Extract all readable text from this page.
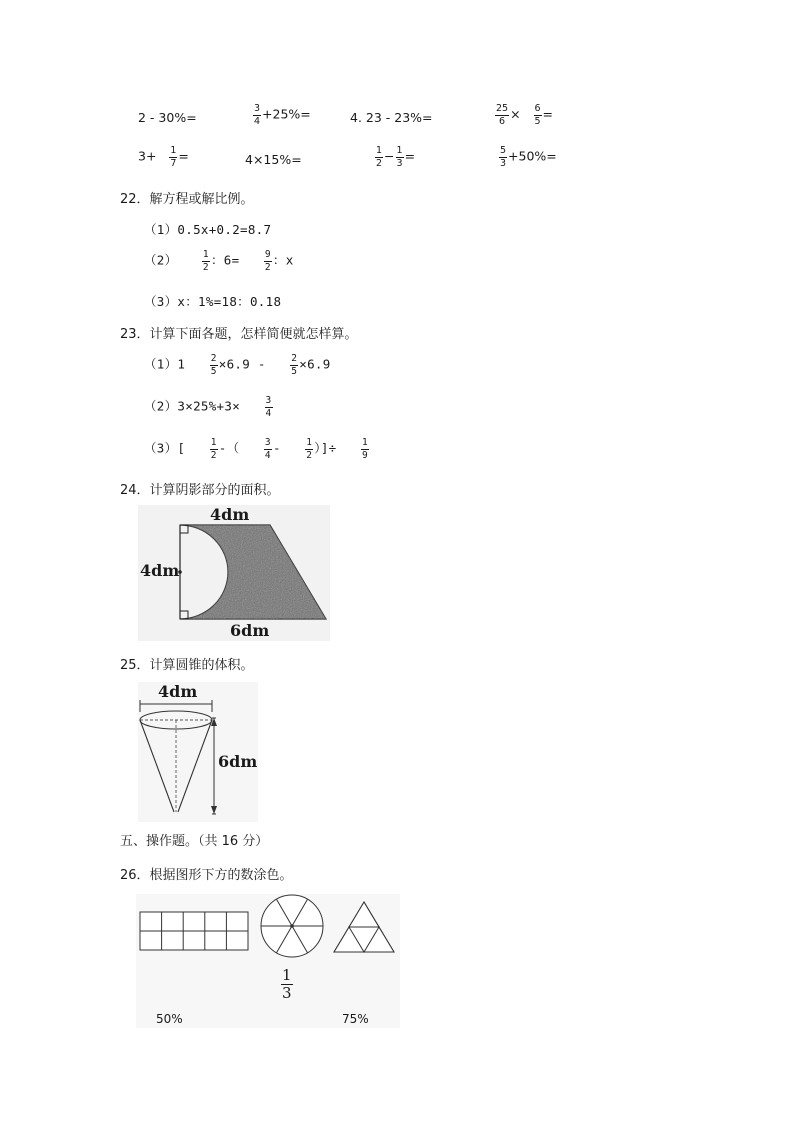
2 - 30%=	$\frac{3}{4} +25\%=$	4. 23 - 23%=	$\frac{25}{6} \times \frac{6}{5}$ =
$3+ \frac{1}{7}$ =	4×15%=	$\frac{1}{2} - \frac{1}{3}$ =	$\frac{5}{3} +50\%=$
22．解方程或解比例。
（1）0.5x+0.2=8.7
（2）	$\frac{1}{2}$ ：6=	$\frac{9}{2}$ ：x
（3）x：1%=18：0.18
23．计算下面各题，怎样简便就怎样算。
（1）1	$\frac{2}{5} \times 6.9$ -	$\frac{2}{5} \times 6.9$
（2）3×25%+3×	$\frac{3}{4}$
（3）[	$\frac{1}{2}$ -（	$\frac{3}{4}$ -	$\frac{1}{2}$ ）]÷	$\frac{1}{9}$
24．计算阴影部分的面积。
4dm
4dm
6dm
25．计算圆锥的体积。
4dm
6dm
五、操作题。（共 16 分）
26．根据图形下方的数涂色。
50%
$\frac{1}{3}$
75%
